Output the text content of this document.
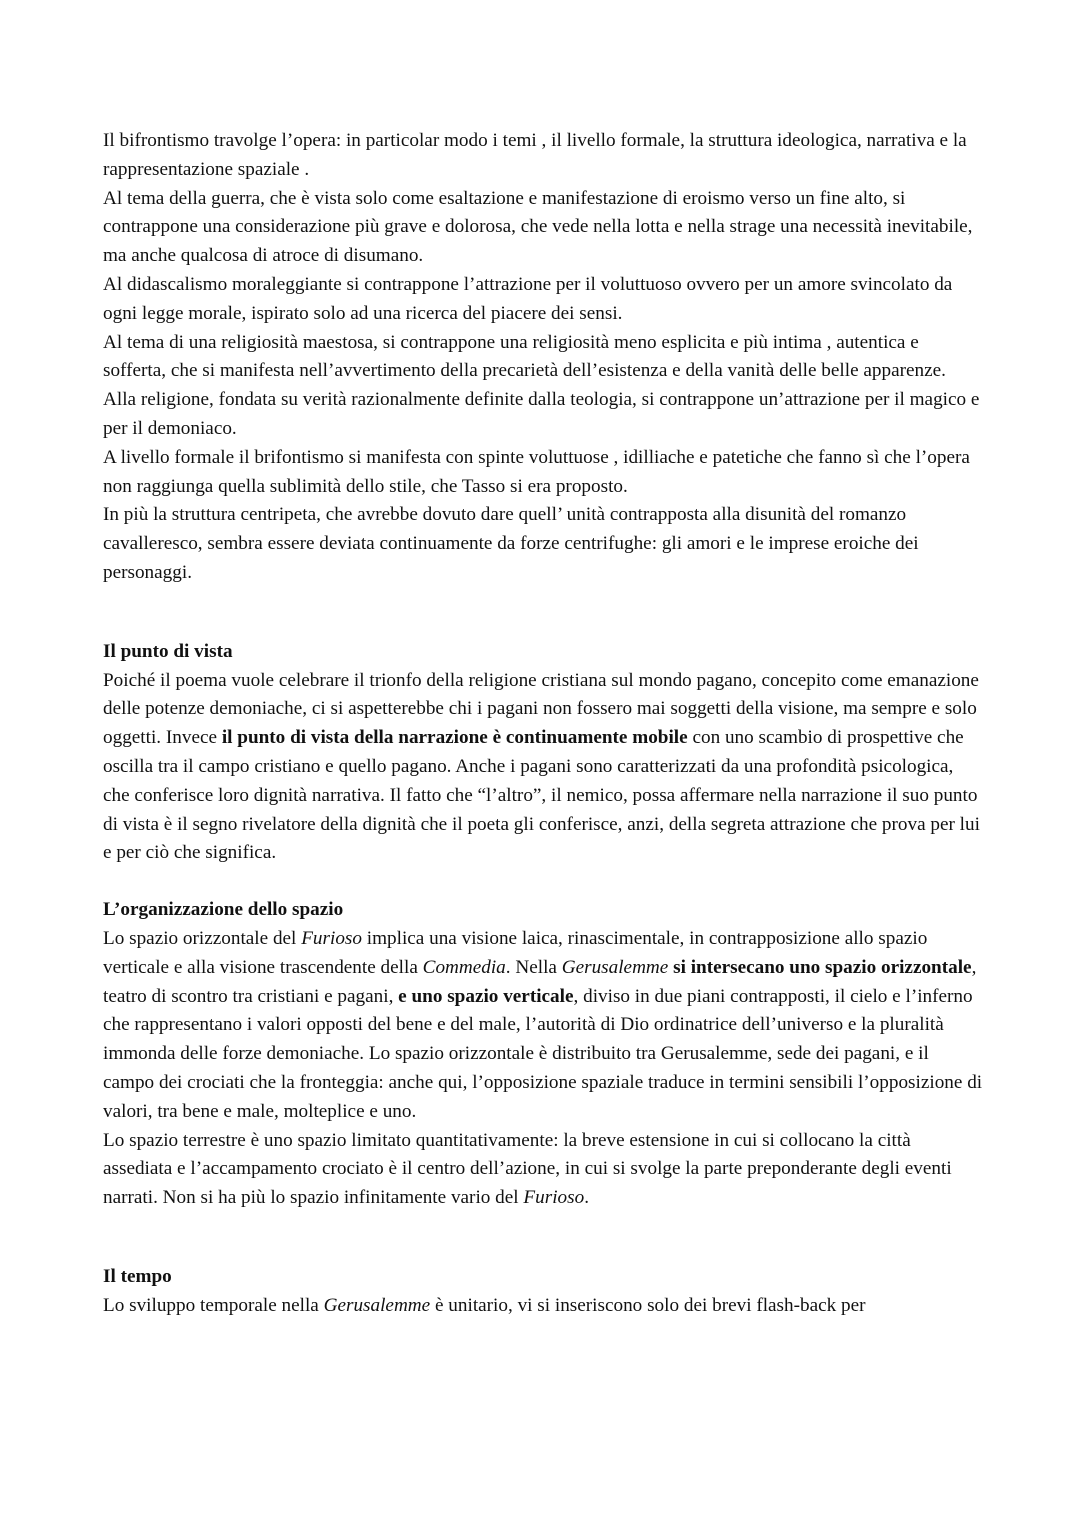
Il bifrontismo travolge l’opera: in particolar modo i temi , il livello formale, la struttura ideologica, narrativa e la rappresentazione spaziale .

Al tema della guerra, che è vista solo come esaltazione e manifestazione di eroismo verso un fine alto, si contrappone una considerazione più grave e dolorosa, che vede nella lotta e nella strage una necessità inevitabile, ma anche qualcosa di atroce di disumano.

Al didascalismo moraleggiante si contrappone l’attrazione per il voluttuoso ovvero per un amore svincolato da ogni legge morale, ispirato solo ad una ricerca del piacere dei sensi.

Al tema di una religiosità maestosa, si contrappone una religiosità meno esplicita e più intima , autentica e sofferta, che si manifesta nell’avvertimento della precarietà dell’esistenza e della vanità delle belle apparenze.

Alla religione, fondata su verità razionalmente definite dalla teologia, si contrappone un’attrazione per il magico e per il demoniaco.

A livello formale il brifontismo si manifesta con spinte voluttuose , idilliache e patetiche che fanno sì che l’opera non raggiunga quella sublimità dello stile, che Tasso si era proposto.

In più la struttura centripeta, che avrebbe dovuto dare quell’ unità contrapposta alla disunità del romanzo cavalleresco, sembra essere deviata continuamente da forze centrifughe: gli amori e le imprese eroiche dei personaggi.

Il punto di vista

Poiché il poema vuole celebrare il trionfo della religione cristiana sul mondo pagano, concepito come emanazione delle potenze demoniache, ci si aspetterebbe chi i pagani non fossero mai soggetti della visione, ma sempre e solo oggetti. Invece il punto di vista della narrazione è continuamente mobile con uno scambio di prospettive che oscilla tra il campo cristiano e quello pagano. Anche i pagani sono caratterizzati da una profondità psicologica, che conferisce loro dignità narrativa. Il fatto che “l’altro”, il nemico, possa affermare nella narrazione il suo punto di vista è il segno rivelatore della dignità che il poeta gli conferisce, anzi, della segreta attrazione che prova per lui e per ciò che significa.

L’organizzazione dello spazio

Lo spazio orizzontale del Furioso implica una visione laica, rinascimentale, in contrapposizione allo spazio verticale e alla visione trascendente della Commedia. Nella Gerusalemme si intersecano uno spazio orizzontale, teatro di scontro tra cristiani e pagani, e uno spazio verticale, diviso in due piani contrapposti, il cielo e l’inferno che rappresentano i valori opposti del bene e del male, l’autorità di Dio ordinatrice dell’universo e la pluralità immonda delle forze demoniache. Lo spazio orizzontale è distribuito tra Gerusalemme, sede dei pagani, e il campo dei crociati che la fronteggia: anche qui, l’opposizione spaziale traduce in termini sensibili l’opposizione di valori, tra bene e male, molteplice e uno.

Lo spazio terrestre è uno spazio limitato quantitativamente: la breve estensione in cui si collocano la città assediata e l’accampamento crociato è il centro dell’azione, in cui si svolge la parte preponderante degli eventi narrati. Non si ha più lo spazio infinitamente vario del Furioso.

Il tempo

Lo sviluppo temporale nella Gerusalemme è unitario, vi si inseriscono solo dei brevi flash-back per
